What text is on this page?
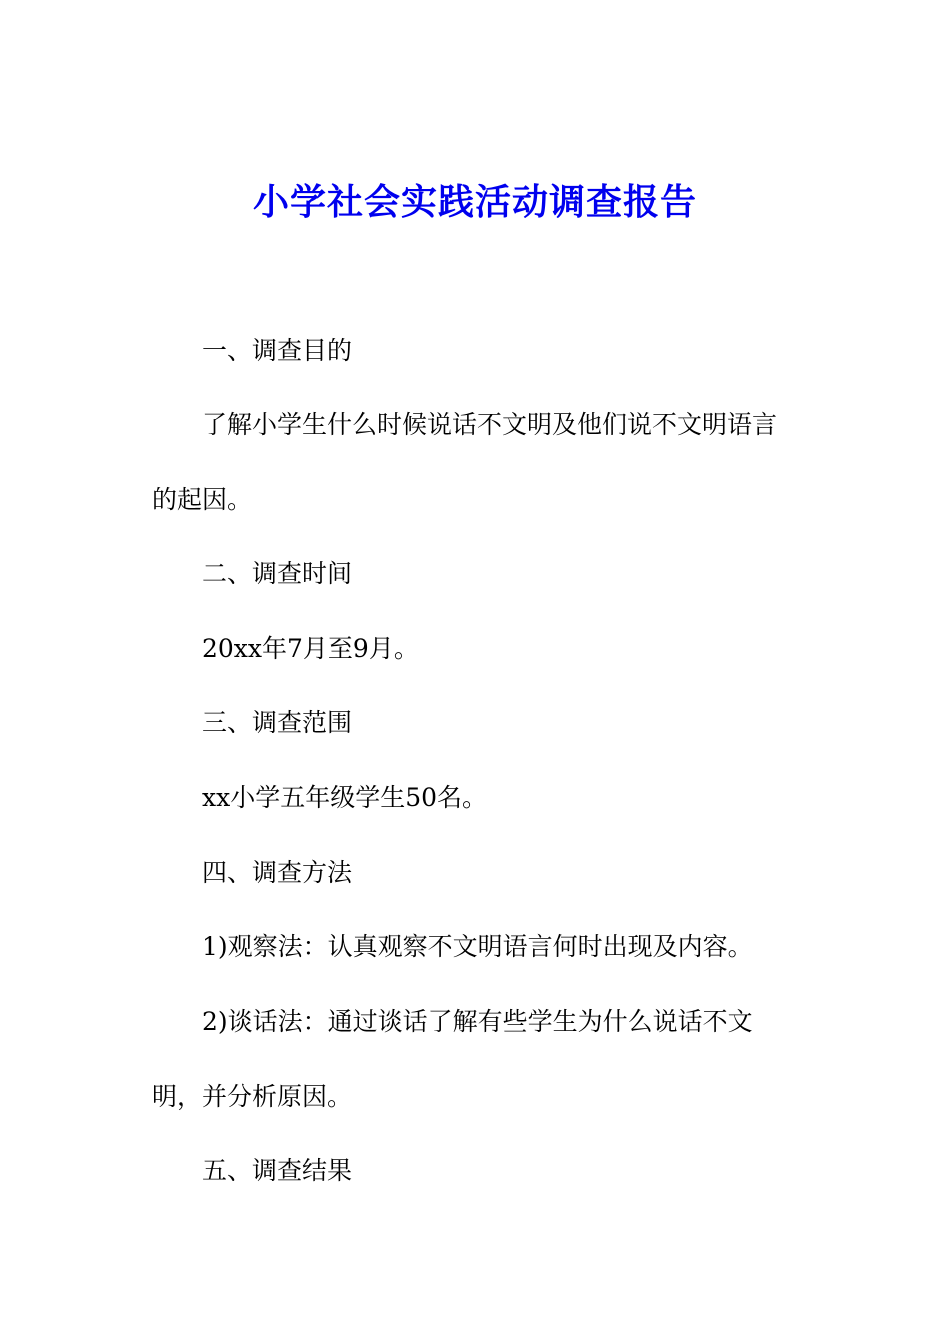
小学社会实践活动调查报告
一、调查目的
了解小学生什么时候说话不文明及他们说不文明语言
的起因。
二、调查时间
20xx年7月至9月。
三、调查范围
xx小学五年级学生50名。
四、调查方法
1)观察法：认真观察不文明语言何时出现及内容。
2)谈话法：通过谈话了解有些学生为什么说话不文
明，并分析原因。
五、调查结果
